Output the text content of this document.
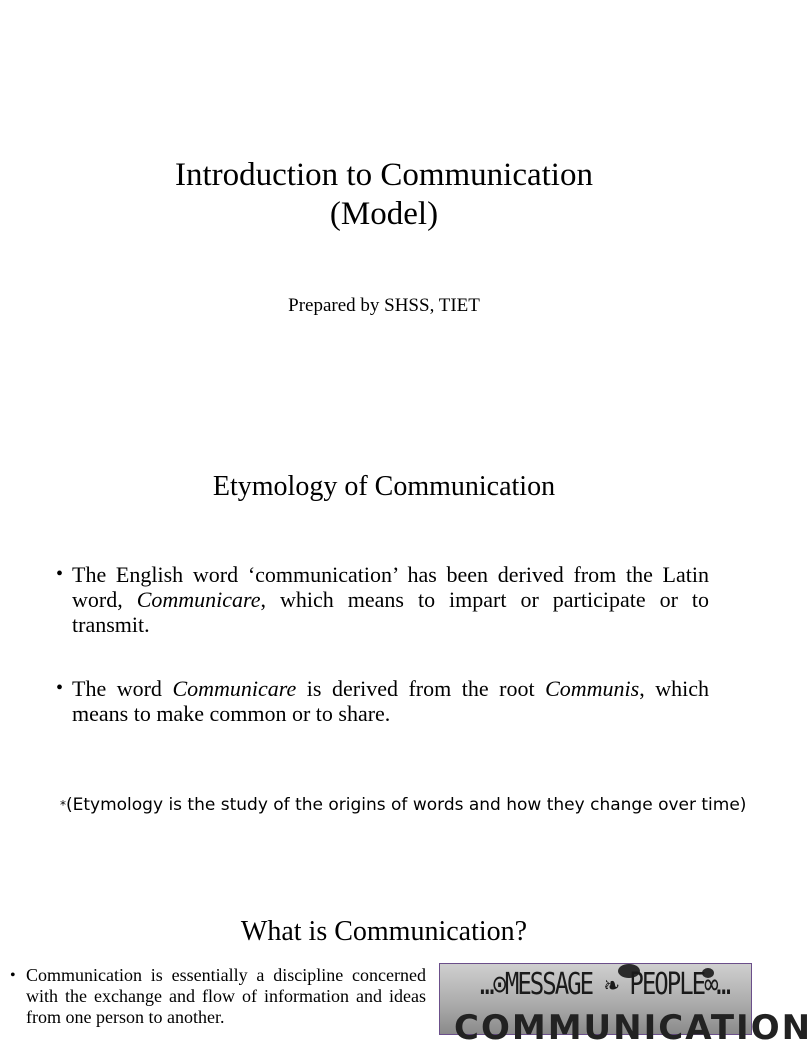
Introduction to Communication
(Model)
Prepared by SHSS, TIET
Etymology of Communication
• The English word ‘communication’ has been derived from the Latin word, Communicare, which means to impart or participate or to transmit.
• The word Communicare is derived from the root Communis, which means to make common or to share.
*(Etymology is the study of the origins of words and how they change over time)
What is Communication?
• Communication is essentially a discipline concerned with the exchange and flow of information and ideas from one person to another.
…⊙MESSAGE ❧ PEOPLE∞…
COMMUNICATION
